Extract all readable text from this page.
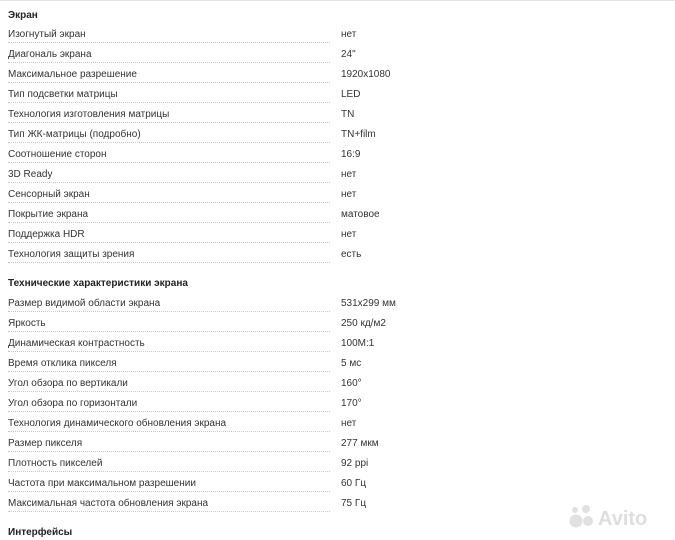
Экран
Изогнутый экран	нет
Диагональ экрана	24"
Максимальное разрешение	1920x1080
Тип подсветки матрицы	LED
Технология изготовления матрицы	TN
Тип ЖК-матрицы (подробно)	TN+film
Соотношение сторон	16:9
3D Ready	нет
Сенсорный экран	нет
Покрытие экрана	матовое
Поддержка HDR	нет
Технология защиты зрения	есть
Технические характеристики экрана
Размер видимой области экрана	531x299 мм
Яркость	250 кд/м2
Динамическая контрастность	100M:1
Время отклика пикселя	5 мс
Угол обзора по вертикали	160°
Угол обзора по горизонтали	170°
Технология динамического обновления экрана	нет
Размер пикселя	277 мкм
Плотность пикселей	92 ppi
Частота при максимальном разрешении	60 Гц
Максимальная частота обновления экрана	75 Гц
Интерфейсы
Avito
